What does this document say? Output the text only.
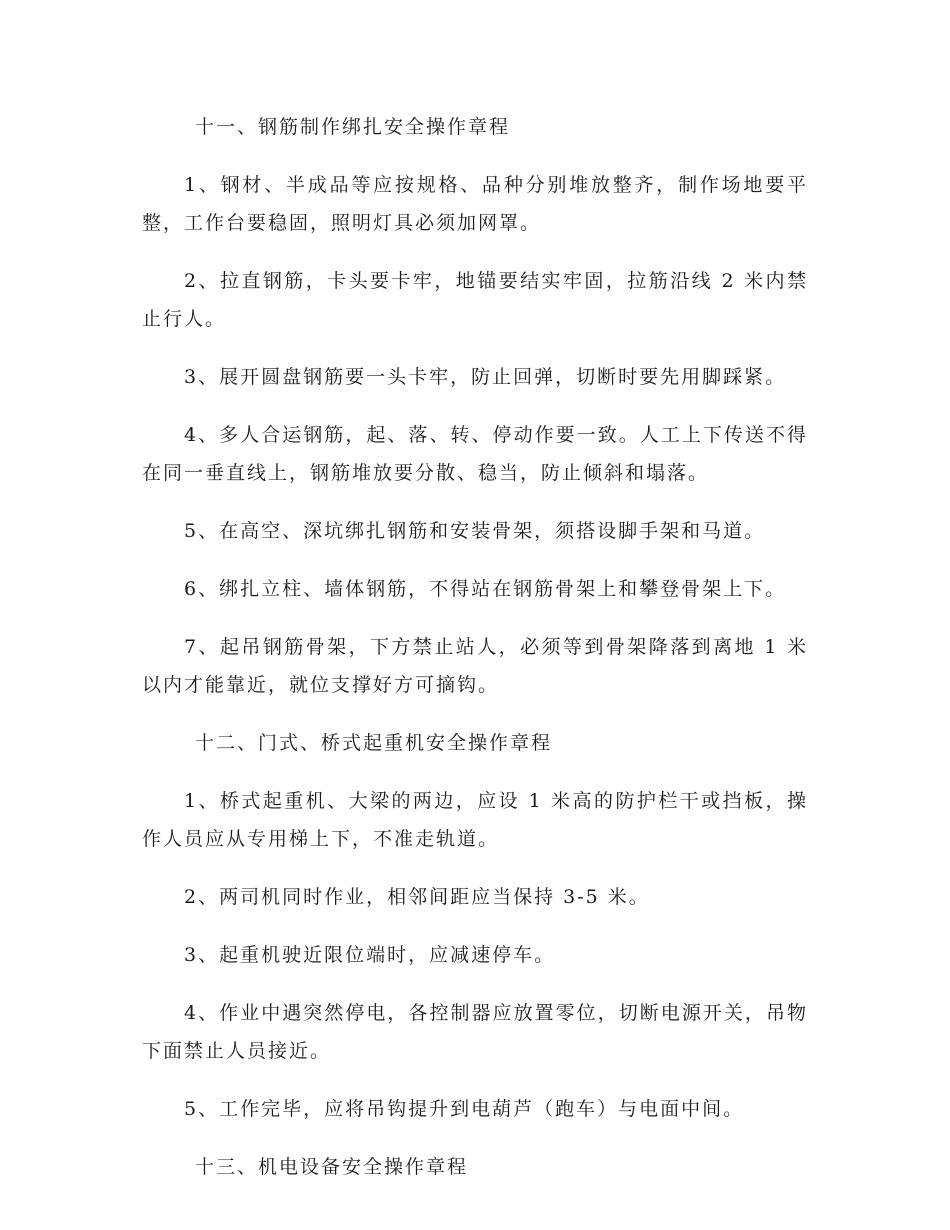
十一、钢筋制作绑扎安全操作章程

1、钢材、半成品等应按规格、品种分别堆放整齐，制作场地要平整，工作台要稳固，照明灯具必须加网罩。

2、拉直钢筋，卡头要卡牢，地锚要结实牢固，拉筋沿线 2 米内禁止行人。

3、展开圆盘钢筋要一头卡牢，防止回弹，切断时要先用脚踩紧。

4、多人合运钢筋，起、落、转、停动作要一致。人工上下传送不得在同一垂直线上，钢筋堆放要分散、稳当，防止倾斜和塌落。

5、在高空、深坑绑扎钢筋和安装骨架，须搭设脚手架和马道。

6、绑扎立柱、墙体钢筋，不得站在钢筋骨架上和攀登骨架上下。

7、起吊钢筋骨架，下方禁止站人，必须等到骨架降落到离地 1 米以内才能靠近，就位支撑好方可摘钩。

十二、门式、桥式起重机安全操作章程

1、桥式起重机、大梁的两边，应设 1 米高的防护栏干或挡板，操作人员应从专用梯上下，不准走轨道。

2、两司机同时作业，相邻间距应当保持 3-5 米。

3、起重机驶近限位端时，应减速停车。

4、作业中遇突然停电，各控制器应放置零位，切断电源开关，吊物下面禁止人员接近。

5、工作完毕，应将吊钩提升到电葫芦（跑车）与电面中间。

十三、机电设备安全操作章程
